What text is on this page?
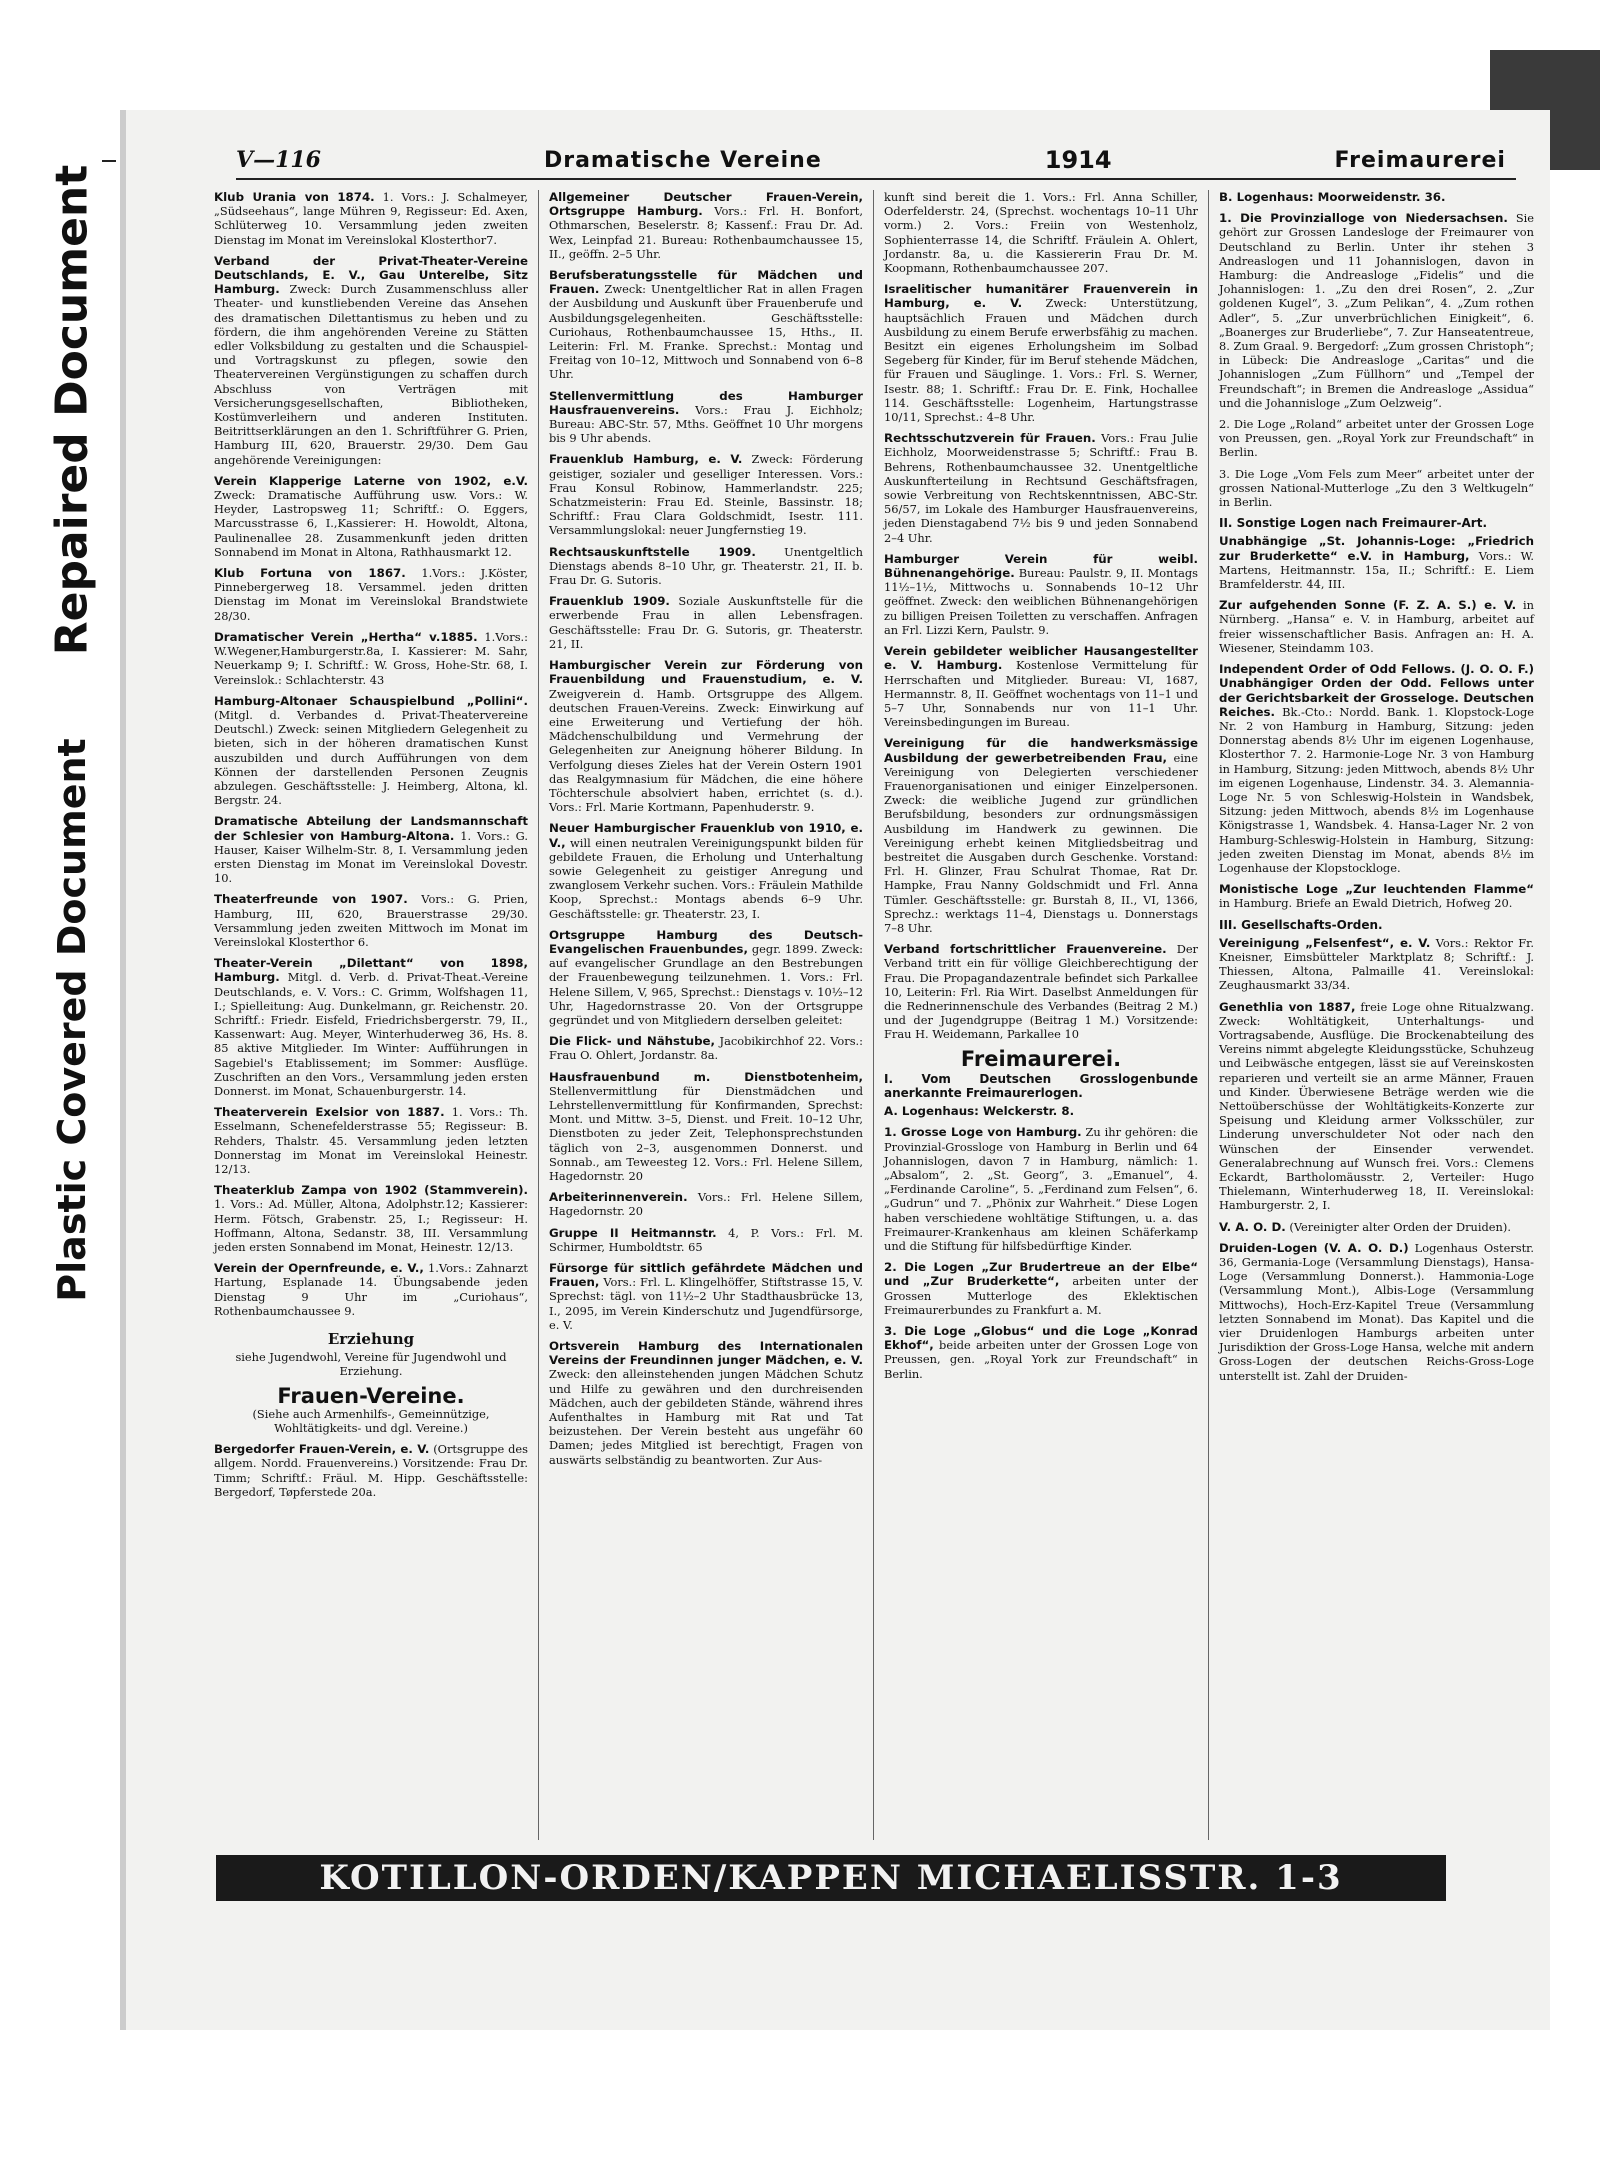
Repaired Document
Plastic Covered Document
V—116	Dramatische Vereine	1914	Freimaurerei
Klub Urania von 1874. 1. Vors.: J. Schalmeyer, „Südseehaus“, lange Mühren 9, Regisseur: Ed. Axen, Schlüterweg 10. Versammlung jeden zweiten Dienstag im Monat im Vereinslokal Klosterthor7.
Verband der Privat-Theater-Vereine Deutschlands, E. V., Gau Unterelbe, Sitz Hamburg. Zweck: Durch Zusammenschluss aller Theater- und kunstliebenden Vereine das Ansehen des dramatischen Dilettantismus zu heben und zu fördern, die ihm angehörenden Vereine zu Stätten edler Volksbildung zu gestalten und die Schauspiel- und Vortragskunst zu pflegen, sowie den Theatervereinen Vergünstigungen zu schaffen durch Abschluss von Verträgen mit Versicherungsgesellschaften, Bibliotheken, Kostümverleihern und anderen Instituten. Beitrittserklärungen an den 1. Schriftführer G. Prien, Hamburg III, 620, Brauerstr. 29/30. Dem Gau angehörende Vereinigungen:
Verein Klapperige Laterne von 1902, e.V. Zweck: Dramatische Aufführung usw. Vors.: W. Heyder, Lastropsweg 11; Schriftf.: O. Eggers, Marcusstrasse 6, I.,Kassierer: H. Howoldt, Altona, Paulinenallee 28. Zusammenkunft jeden dritten Sonnabend im Monat in Altona, Rathhausmarkt 12.
Klub Fortuna von 1867. 1.Vors.: J.Köster, Pinnebergerweg 18. Versammel. jeden dritten Dienstag im Monat im Vereinslokal Brandstwiete 28/30.
Dramatischer Verein „Hertha“ v.1885. 1.Vors.: W.Wegener,Hamburgerstr.8a, I. Kassierer: M. Sahr, Neuerkamp 9; I. Schriftf.: W. Gross, Hohe-Str. 68, I. Vereinslok.: Schlachterstr. 43
Hamburg-Altonaer Schauspielbund „Pollini“. (Mitgl. d. Verbandes d. Privat-Theatervereine Deutschl.) Zweck: seinen Mitgliedern Gelegenheit zu bieten, sich in der höheren dramatischen Kunst auszubilden und durch Aufführungen von dem Können der darstellenden Personen Zeugnis abzulegen. Geschäftsstelle: J. Heimberg, Altona, kl. Bergstr. 24.
Dramatische Abteilung der Landsmannschaft der Schlesier von Hamburg-Altona. 1. Vors.: G. Hauser, Kaiser Wilhelm-Str. 8, I. Versammlung jeden ersten Dienstag im Monat im Vereinslokal Dovestr. 10.
Theaterfreunde von 1907. Vors.: G. Prien, Hamburg, III, 620, Brauerstrasse 29/30. Versammlung jeden zweiten Mittwoch im Monat im Vereinslokal Klosterthor 6.
Theater-Verein „Dilettant“ von 1898, Hamburg. Mitgl. d. Verb. d. Privat-Theat.-Vereine Deutschlands, e. V. Vors.: C. Grimm, Wolfshagen 11, I.; Spielleitung: Aug. Dunkelmann, gr. Reichenstr. 20. Schriftf.: Friedr. Eisfeld, Friedrichsbergerstr. 79, II., Kassenwart: Aug. Meyer, Winterhuderweg 36, Hs. 8. 85 aktive Mitglieder. Im Winter: Aufführungen in Sagebiel's Etablissement; im Sommer: Ausflüge. Zuschriften an den Vors., Versammlung jeden ersten Donnerst. im Monat, Schauenburgerstr. 14.
Theaterverein Exelsior von 1887. 1. Vors.: Th. Esselmann, Schenefelderstrasse 55; Regisseur: B. Rehders, Thalstr. 45. Versammlung jeden letzten Donnerstag im Monat im Vereinslokal Heinestr. 12/13.
Theaterklub Zampa von 1902 (Stammverein). 1. Vors.: Ad. Müller, Altona, Adolphstr.12; Kassierer: Herm. Fötsch, Grabenstr. 25, I.; Regisseur: H. Hoffmann, Altona, Sedanstr. 38, III. Versammlung jeden ersten Sonnabend im Monat, Heinestr. 12/13.
Verein der Opernfreunde, e. V., 1.Vors.: Zahnarzt Hartung, Esplanade 14. Übungsabende jeden Dienstag 9 Uhr im „Curiohaus“, Rothenbaumchaussee 9.
Erziehung
siehe Jugendwohl, Vereine für Jugendwohl und Erziehung.
Frauen-Vereine.
(Siehe auch Armenhilfs-, Gemeinnützige, Wohltätigkeits- und dgl. Vereine.)
Bergedorfer Frauen-Verein, e. V. (Ortsgruppe des allgem. Nordd. Frauenvereins.) Vorsitzende: Frau Dr. Timm; Schriftf.: Fräul. M. Hipp. Geschäftsstelle: Bergedorf, Tøpferstede 20a.
Allgemeiner Deutscher Frauen-Verein, Ortsgruppe Hamburg. Vors.: Frl. H. Bonfort, Othmarschen, Beselerstr. 8; Kassenf.: Frau Dr. Ad. Wex, Leinpfad 21. Bureau: Rothenbaumchaussee 15, II., geöffn. 2–5 Uhr.
Berufsberatungsstelle für Mädchen und Frauen. Zweck: Unentgeltlicher Rat in allen Fragen der Ausbildung und Auskunft über Frauenberufe und Ausbildungsgelegenheiten. Geschäftsstelle: Curiohaus, Rothenbaumchaussee 15, Hths., II. Leiterin: Frl. M. Franke. Sprechst.: Montag und Freitag von 10–12, Mittwoch und Sonnabend von 6–8 Uhr.
Stellenvermittlung des Hamburger Hausfrauenvereins. Vors.: Frau J. Eichholz; Bureau: ABC-Str. 57, Mths. Geöffnet 10 Uhr morgens bis 9 Uhr abends.
Frauenklub Hamburg, e. V. Zweck: Förderung geistiger, sozialer und geselliger Interessen. Vors.: Frau Konsul Robinow, Hammerlandstr. 225; Schatzmeisterin: Frau Ed. Steinle, Bassinstr. 18; Schriftf.: Frau Clara Goldschmidt, Isestr. 111. Versammlungslokal: neuer Jungfernstieg 19.
Rechtsauskunftstelle 1909. Unentgeltlich Dienstags abends 8–10 Uhr, gr. Theaterstr. 21, II. b. Frau Dr. G. Sutoris.
Frauenklub 1909. Soziale Auskunftstelle für die erwerbende Frau in allen Lebensfragen. Geschäftsstelle: Frau Dr. G. Sutoris, gr. Theaterstr. 21, II.
Hamburgischer Verein zur Förderung von Frauenbildung und Frauenstudium, e. V. Zweigverein d. Hamb. Ortsgruppe des Allgem. deutschen Frauen-Vereins. Zweck: Einwirkung auf eine Erweiterung und Vertiefung der höh. Mädchenschulbildung und Vermehrung der Gelegenheiten zur Aneignung höherer Bildung. In Verfolgung dieses Zieles hat der Verein Ostern 1901 das Realgymnasium für Mädchen, die eine höhere Töchterschule absolviert haben, errichtet (s. d.). Vors.: Frl. Marie Kortmann, Papenhuderstr. 9.
Neuer Hamburgischer Frauenklub von 1910, e. V., will einen neutralen Vereinigungspunkt bilden für gebildete Frauen, die Erholung und Unterhaltung sowie Gelegenheit zu geistiger Anregung und zwanglosem Verkehr suchen. Vors.: Fräulein Mathilde Koop, Sprechst.: Montags abends 6–9 Uhr. Geschäftsstelle: gr. Theaterstr. 23, I.
Ortsgruppe Hamburg des Deutsch-Evangelischen Frauenbundes, gegr. 1899. Zweck: auf evangelischer Grundlage an den Bestrebungen der Frauenbewegung teilzunehmen. 1. Vors.: Frl. Helene Sillem, V, 965, Sprechst.: Dienstags v. 10½–12 Uhr, Hagedornstrasse 20. Von der Ortsgruppe gegründet und von Mitgliedern derselben geleitet:
Die Flick- und Nähstube, Jacobikirchhof 22. Vors.: Frau O. Ohlert, Jordanstr. 8a.
Hausfrauenbund m. Dienstbotenheim, Stellenvermittlung für Dienstmädchen und Lehrstellenvermittlung für Konfirmanden, Sprechst: Mont. und Mittw. 3–5, Dienst. und Freit. 10–12 Uhr, Dienstboten zu jeder Zeit, Telephonsprechstunden täglich von 2–3, ausgenommen Donnerst. und Sonnab., am Teweesteg 12. Vors.: Frl. Helene Sillem, Hagedornstr. 20
Arbeiterinnenverein. Vors.: Frl. Helene Sillem, Hagedornstr. 20
Gruppe II Heitmannstr. 4, P. Vors.: Frl. M. Schirmer, Humboldtstr. 65
Fürsorge für sittlich gefährdete Mädchen und Frauen, Vors.: Frl. L. Klingelhöffer, Stiftstrasse 15, V. Sprechst: tägl. von 11½–2 Uhr Stadthausbrücke 13, I., 2095, im Verein Kinderschutz und Jugendfürsorge, e. V.
Ortsverein Hamburg des Internationalen Vereins der Freundinnen junger Mädchen, e. V. Zweck: den alleinstehenden jungen Mädchen Schutz und Hilfe zu gewähren und den durchreisenden Mädchen, auch der gebildeten Stände, während ihres Aufenthaltes in Hamburg mit Rat und Tat beizustehen. Der Verein besteht aus ungefähr 60 Damen; jedes Mitglied ist berechtigt, Fragen von auswärts selbständig zu beantworten. Zur Aus-
kunft sind bereit die 1. Vors.: Frl. Anna Schiller, Oderfelderstr. 24, (Sprechst. wochentags 10–11 Uhr vorm.) 2. Vors.: Freiin von Westenholz, Sophienterrasse 14, die Schriftf. Fräulein A. Ohlert, Jordanstr. 8a, u. die Kassiererin Frau Dr. M. Koopmann, Rothenbaumchaussee 207.
Israelitischer humanitärer Frauenverein in Hamburg, e. V. Zweck: Unterstützung, hauptsächlich Frauen und Mädchen durch Ausbildung zu einem Berufe erwerbsfähig zu machen. Besitzt ein eigenes Erholungsheim im Solbad Segeberg für Kinder, für im Beruf stehende Mädchen, für Frauen und Säuglinge. 1. Vors.: Frl. S. Werner, Isestr. 88; 1. Schriftf.: Frau Dr. E. Fink, Hochallee 114. Geschäftsstelle: Logenheim, Hartungstrasse 10/11, Sprechst.: 4–8 Uhr.
Rechtsschutzverein für Frauen. Vors.: Frau Julie Eichholz, Moorweidenstrasse 5; Schriftf.: Frau B. Behrens, Rothenbaumchaussee 32. Unentgeltliche Auskunfterteilung in Rechtsund Geschäftsfragen, sowie Verbreitung von Rechtskenntnissen, ABC-Str. 56/57, im Lokale des Hamburger Hausfrauenvereins, jeden Dienstagabend 7½ bis 9 und jeden Sonnabend 2–4 Uhr.
Hamburger Verein für weibl. Bühnenangehörige. Bureau: Paulstr. 9, II. Montags 11½–1½, Mittwochs u. Sonnabends 10–12 Uhr geöffnet. Zweck: den weiblichen Bühnenangehörigen zu billigen Preisen Toiletten zu verschaffen. Anfragen an Frl. Lizzi Kern, Paulstr. 9.
Verein gebildeter weiblicher Hausangestellter e. V. Hamburg. Kostenlose Vermittelung für Herrschaften und Mitglieder. Bureau: VI, 1687, Hermannstr. 8, II. Geöffnet wochentags von 11–1 und 5–7 Uhr, Sonnabends nur von 11–1 Uhr. Vereinsbedingungen im Bureau.
Vereinigung für die handwerksmässige Ausbildung der gewerbetreibenden Frau, eine Vereinigung von Delegierten verschiedener Frauenorganisationen und einiger Einzelpersonen. Zweck: die weibliche Jugend zur gründlichen Berufsbildung, besonders zur ordnungsmässigen Ausbildung im Handwerk zu gewinnen. Die Vereinigung erhebt keinen Mitgliedsbeitrag und bestreitet die Ausgaben durch Geschenke. Vorstand: Frl. H. Glinzer, Frau Schulrat Thomae, Rat Dr. Hampke, Frau Nanny Goldschmidt und Frl. Anna Tümler. Geschäftsstelle: gr. Burstah 8, II., VI, 1366, Sprechz.: werktags 11–4, Dienstags u. Donnerstags 7–8 Uhr.
Verband fortschrittlicher Frauenvereine. Der Verband tritt ein für völlige Gleichberechtigung der Frau. Die Propagandazentrale befindet sich Parkallee 10, Leiterin: Frl. Ria Wirt. Daselbst Anmeldungen für die Rednerinnenschule des Verbandes (Beitrag 2 M.) und der Jugendgruppe (Beitrag 1 M.) Vorsitzende: Frau H. Weidemann, Parkallee 10
Freimaurerei.
I. Vom Deutschen Grosslogenbunde anerkannte Freimaurerlogen.
A. Logenhaus: Welckerstr. 8.
1. Grosse Loge von Hamburg. Zu ihr gehören: die Provinzial-Grossloge von Hamburg in Berlin und 64 Johannislogen, davon 7 in Hamburg, nämlich: 1. „Absalom“, 2. „St. Georg“, 3. „Emanuel“, 4. „Ferdinande Caroline“, 5. „Ferdinand zum Felsen“, 6. „Gudrun“ und 7. „Phönix zur Wahrheit.“ Diese Logen haben verschiedene wohltätige Stiftungen, u. a. das Freimaurer-Krankenhaus am kleinen Schäferkamp und die Stiftung für hilfsbedürftige Kinder.
2. Die Logen „Zur Brudertreue an der Elbe“ und „Zur Bruderkette“, arbeiten unter der Grossen Mutterloge des Eklektischen Freimaurerbundes zu Frankfurt a. M.
3. Die Loge „Globus“ und die Loge „Konrad Ekhof“, beide arbeiten unter der Grossen Loge von Preussen, gen. „Royal York zur Freundschaft“ in Berlin.
B. Logenhaus: Moorweidenstr. 36.
1. Die Provinzialloge von Niedersachsen. Sie gehört zur Grossen Landesloge der Freimaurer von Deutschland zu Berlin. Unter ihr stehen 3 Andreaslogen und 11 Johannislogen, davon in Hamburg: die Andreasloge „Fidelis“ und die Johannislogen: 1. „Zu den drei Rosen“, 2. „Zur goldenen Kugel“, 3. „Zum Pelikan“, 4. „Zum rothen Adler“, 5. „Zur unverbrüchlichen Einigkeit“, 6. „Boanerges zur Bruderliebe“, 7. Zur Hanseatentreue, 8. Zum Graal. 9. Bergedorf: „Zum grossen Christoph“; in Lübeck: Die Andreasloge „Caritas“ und die Johannislogen „Zum Füllhorn“ und „Tempel der Freundschaft“; in Bremen die Andreasloge „Assidua“ und die Johannisloge „Zum Oelzweig“.
2. Die Loge „Roland“ arbeitet unter der Grossen Loge von Preussen, gen. „Royal York zur Freundschaft“ in Berlin.
3. Die Loge „Vom Fels zum Meer“ arbeitet unter der grossen National-Mutterloge „Zu den 3 Weltkugeln“ in Berlin.
II. Sonstige Logen nach Freimaurer-Art.
Unabhängige „St. Johannis-Loge: „Friedrich zur Bruderkette“ e.V. in Hamburg, Vors.: W. Martens, Heitmannstr. 15a, II.; Schriftf.: E. Liem Bramfelderstr. 44, III.
Zur aufgehenden Sonne (F. Z. A. S.) e. V. in Nürnberg. „Hansa“ e. V. in Hamburg, arbeitet auf freier wissenschaftlicher Basis. Anfragen an: H. A. Wiesener, Steindamm 103.
Independent Order of Odd Fellows. (J. O. O. F.) Unabhängiger Orden der Odd. Fellows unter der Gerichtsbarkeit der Grosseloge. Deutschen Reiches. Bk.-Cto.: Nordd. Bank. 1. Klopstock-Loge Nr. 2 von Hamburg in Hamburg, Sitzung: jeden Donnerstag abends 8½ Uhr im eigenen Logenhause, Klosterthor 7. 2. Harmonie-Loge Nr. 3 von Hamburg in Hamburg, Sitzung: jeden Mittwoch, abends 8½ Uhr im eigenen Logenhause, Lindenstr. 34. 3. Alemannia-Loge Nr. 5 von Schleswig-Holstein in Wandsbek, Sitzung: jeden Mittwoch, abends 8½ im Logenhause Königstrasse 1, Wandsbek. 4. Hansa-Lager Nr. 2 von Hamburg-Schleswig-Holstein in Hamburg, Sitzung: jeden zweiten Dienstag im Monat, abends 8½ im Logenhause der Klopstockloge.
Monistische Loge „Zur leuchtenden Flamme“ in Hamburg. Briefe an Ewald Dietrich, Hofweg 20.
III. Gesellschafts-Orden.
Vereinigung „Felsenfest“, e. V. Vors.: Rektor Fr. Kneisner, Eimsbütteler Marktplatz 8; Schriftf.: J. Thiessen, Altona, Palmaille 41. Vereinslokal: Zeughausmarkt 33/34.
Genethlia von 1887, freie Loge ohne Ritualzwang. Zweck: Wohltätigkeit, Unterhaltungs- und Vortragsabende, Ausflüge. Die Brockenabteilung des Vereins nimmt abgelegte Kleidungsstücke, Schuhzeug und Leibwäsche entgegen, lässt sie auf Vereinskosten reparieren und verteilt sie an arme Männer, Frauen und Kinder. Überwiesene Beträge werden wie die Nettoüberschüsse der Wohltätigkeits-Konzerte zur Speisung und Kleidung armer Volksschüler, zur Linderung unverschuldeter Not oder nach den Wünschen der Einsender verwendet. Generalabrechnung auf Wunsch frei. Vors.: Clemens Eckardt, Bartholomäusstr. 2, Verteiler: Hugo Thielemann, Winterhuderweg 18, II. Vereinslokal: Hamburgerstr. 2, I.
V. A. O. D. (Vereinigter alter Orden der Druiden).
Druiden-Logen (V. A. O. D.) Logenhaus Osterstr. 36, Germania-Loge (Versammlung Dienstags), Hansa-Loge (Versammlung Donnerst.). Hammonia-Loge (Versammlung Mont.), Albis-Loge (Versammlung Mittwochs), Hoch-Erz-Kapitel Treue (Versammlung letzten Sonnabend im Monat). Das Kapitel und die vier Druidenlogen Hamburgs arbeiten unter Jurisdiktion der Gross-Loge Hansa, welche mit andern Gross-Logen der deutschen Reichs-Gross-Loge unterstellt ist. Zahl der Druiden-
KOTILLON-ORDEN/KAPPEN MICHAELISSTR. 1-3
